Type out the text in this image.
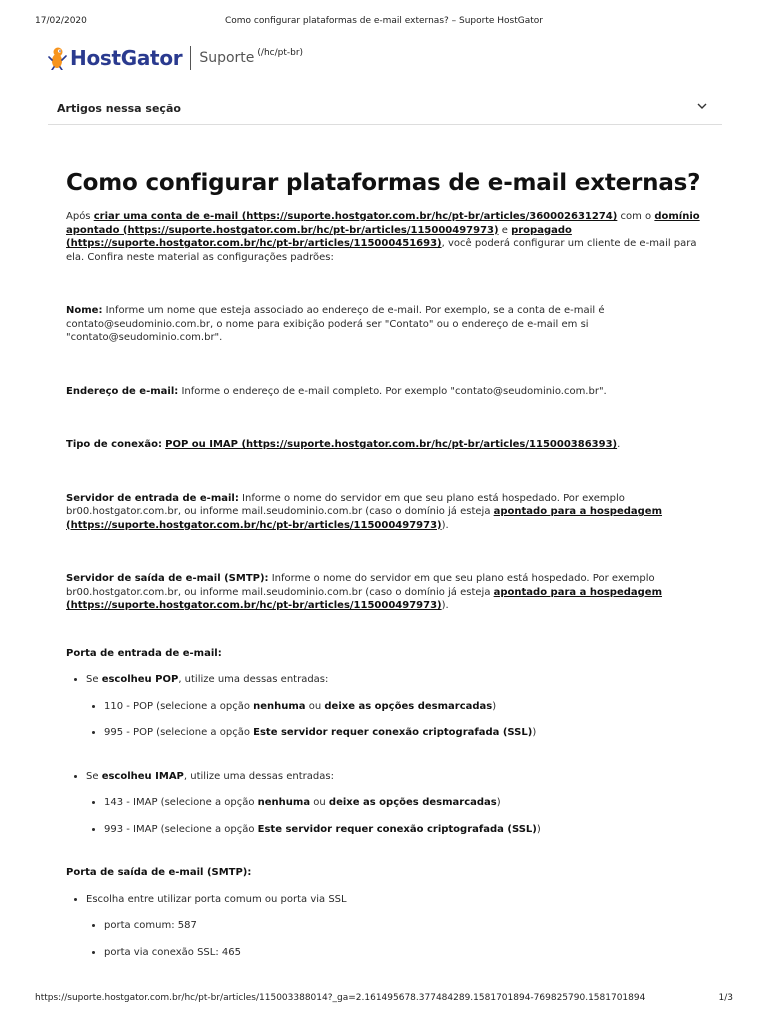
17/02/2020	Como configurar plataformas de e-mail externas? – Suporte HostGator
HostGator Suporte (/hc/pt-br)
Artigos nessa seção
Como configurar plataformas de e-mail externas?

Após criar uma conta de e-mail (https://suporte.hostgator.com.br/hc/pt-br/articles/360002631274) com o domínio apontado (https://suporte.hostgator.com.br/hc/pt-br/articles/115000497973) e propagado (https://suporte.hostgator.com.br/hc/pt-br/articles/115000451693), você poderá configurar um cliente de e-mail para ela. Confira neste material as configurações padrões:

Nome: Informe um nome que esteja associado ao endereço de e-mail. Por exemplo, se a conta de e-mail é contato@seudominio.com.br, o nome para exibição poderá ser "Contato" ou o endereço de e-mail em si "contato@seudominio.com.br".

Endereço de e-mail: Informe o endereço de e-mail completo. Por exemplo "contato@seudominio.com.br".

Tipo de conexão: POP ou IMAP (https://suporte.hostgator.com.br/hc/pt-br/articles/115000386393).

Servidor de entrada de e-mail: Informe o nome do servidor em que seu plano está hospedado. Por exemplo br00.hostgator.com.br, ou informe mail.seudominio.com.br (caso o domínio já esteja apontado para a hospedagem (https://suporte.hostgator.com.br/hc/pt-br/articles/115000497973)).

Servidor de saída de e-mail (SMTP): Informe o nome do servidor em que seu plano está hospedado. Por exemplo br00.hostgator.com.br, ou informe mail.seudominio.com.br (caso o domínio já esteja apontado para a hospedagem (https://suporte.hostgator.com.br/hc/pt-br/articles/115000497973)).

Porta de entrada de e-mail:

• Se escolheu POP, utilize uma dessas entradas:
• 110 - POP (selecione a opção nenhuma ou deixe as opções desmarcadas)
• 995 - POP (selecione a opção Este servidor requer conexão criptografada (SSL))
• Se escolheu IMAP, utilize uma dessas entradas:
• 143 - IMAP (selecione a opção nenhuma ou deixe as opções desmarcadas)
• 993 - IMAP (selecione a opção Este servidor requer conexão criptografada (SSL))

Porta de saída de e-mail (SMTP):

• Escolha entre utilizar porta comum ou porta via SSL
• porta comum: 587
• porta via conexão SSL: 465
https://suporte.hostgator.com.br/hc/pt-br/articles/115003388014?_ga=2.161495678.377484289.1581701894-769825790.1581701894	1/3
